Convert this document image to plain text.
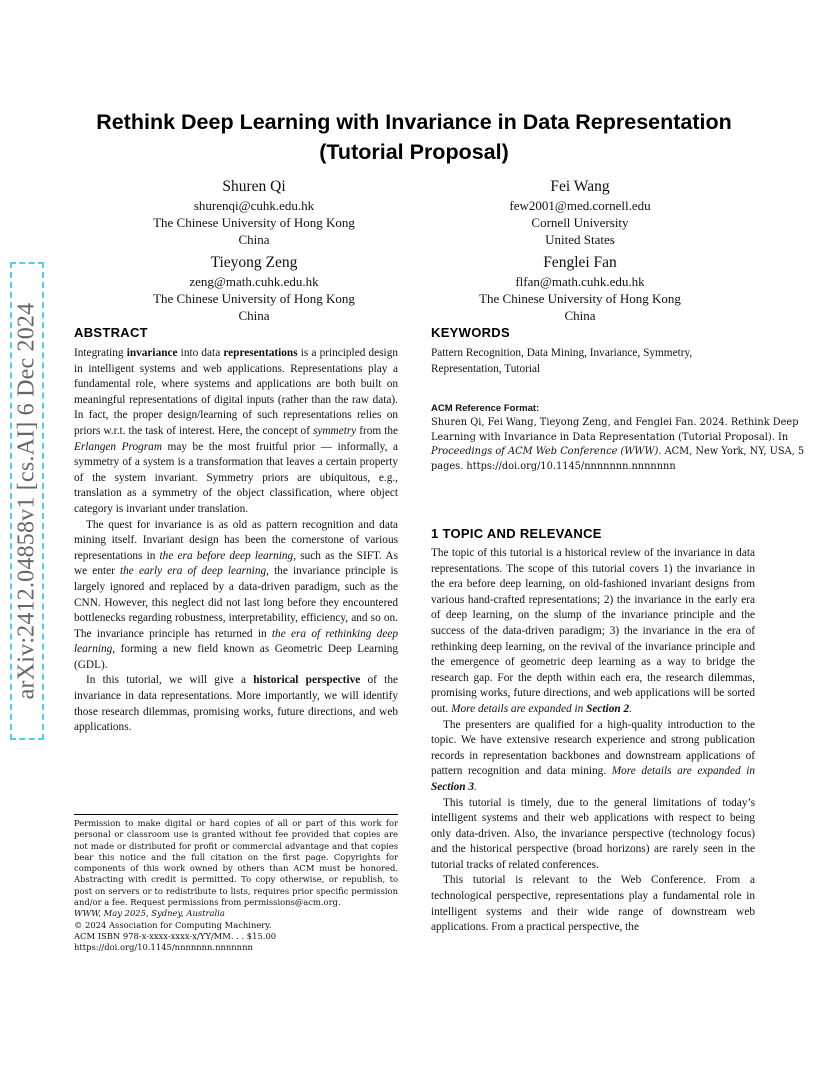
arXiv:2412.04858v1 [cs.AI] 6 Dec 2024
Rethink Deep Learning with Invariance in Data Representation
(Tutorial Proposal)
Shuren Qi
shurenqi@cuhk.edu.hk
The Chinese University of Hong Kong
China
Fei Wang
few2001@med.cornell.edu
Cornell University
United States
Tieyong Zeng
zeng@math.cuhk.edu.hk
The Chinese University of Hong Kong
China
Fenglei Fan
flfan@math.cuhk.edu.hk
The Chinese University of Hong Kong
China
ABSTRACT

Integrating invariance into data representations is a principled design in intelligent systems and web applications. Representations play a fundamental role, where systems and applications are both built on meaningful representations of digital inputs (rather than the raw data). In fact, the proper design/learning of such representations relies on priors w.r.t. the task of interest. Here, the concept of symmetry from the Erlangen Program may be the most fruitful prior — informally, a symmetry of a system is a transformation that leaves a certain property of the system invariant. Symmetry priors are ubiquitous, e.g., translation as a symmetry of the object classification, where object category is invariant under translation.

The quest for invariance is as old as pattern recognition and data mining itself. Invariant design has been the cornerstone of various representations in the era before deep learning, such as the SIFT. As we enter the early era of deep learning, the invariance principle is largely ignored and replaced by a data-driven paradigm, such as the CNN. However, this neglect did not last long before they encountered bottlenecks regarding robustness, interpretability, efficiency, and so on. The invariance principle has returned in the era of rethinking deep learning, forming a new field known as Geometric Deep Learning (GDL).

In this tutorial, we will give a historical perspective of the invariance in data representations. More importantly, we will identify those research dilemmas, promising works, future directions, and web applications.

Permission to make digital or hard copies of all or part of this work for personal or classroom use is granted without fee provided that copies are not made or distributed for profit or commercial advantage and that copies bear this notice and the full citation on the first page. Copyrights for components of this work owned by others than ACM must be honored. Abstracting with credit is permitted. To copy otherwise, or republish, to post on servers or to redistribute to lists, requires prior specific permission and/or a fee. Request permissions from permissions@acm.org.

WWW, May 2025, Sydney, Australia

© 2024 Association for Computing Machinery.

ACM ISBN 978-x-xxxx-xxxx-x/YY/MM. . . $15.00

https://doi.org/10.1145/nnnnnnn.nnnnnnn

KEYWORDS

Pattern Recognition, Data Mining, Invariance, Symmetry, Representation, Tutorial

ACM Reference Format:
Shuren Qi, Fei Wang, Tieyong Zeng, and Fenglei Fan. 2024. Rethink Deep Learning with Invariance in Data Representation (Tutorial Proposal). In Proceedings of ACM Web Conference (WWW). ACM, New York, NY, USA, 5 pages. https://doi.org/10.1145/nnnnnnn.nnnnnnn
1 TOPIC AND RELEVANCE

The topic of this tutorial is a historical review of the invariance in data representations. The scope of this tutorial covers 1) the invariance in the era before deep learning, on old-fashioned invariant designs from various hand-crafted representations; 2) the invariance in the early era of deep learning, on the slump of the invariance principle and the success of the data-driven paradigm; 3) the invariance in the era of rethinking deep learning, on the revival of the invariance principle and the emergence of geometric deep learning as a way to bridge the research gap. For the depth within each era, the research dilemmas, promising works, future directions, and web applications will be sorted out. More details are expanded in Section 2.

The presenters are qualified for a high-quality introduction to the topic. We have extensive research experience and strong publication records in representation backbones and downstream applications of pattern recognition and data mining. More details are expanded in Section 3.

This tutorial is timely, due to the general limitations of today’s intelligent systems and their web applications with respect to being only data-driven. Also, the invariance perspective (technology focus) and the historical perspective (broad horizons) are rarely seen in the tutorial tracks of related conferences.

This tutorial is relevant to the Web Conference. From a technological perspective, representations play a fundamental role in intelligent systems and their wide range of downstream web applications. From a practical perspective, the
